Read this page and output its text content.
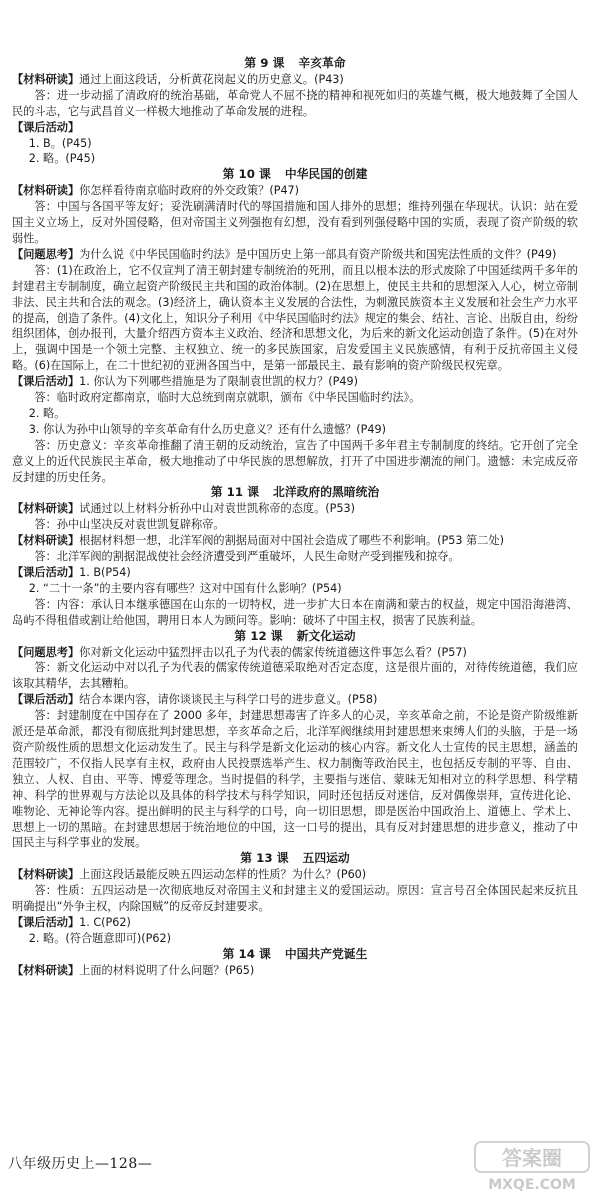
第 9 课 辛亥革命

【材料研读】通过上面这段话，分析黄花岗起义的历史意义。(P43)

答：进一步动摇了清政府的统治基础，革命党人不屈不挠的精神和视死如归的英雄气概，极大地鼓舞了全国人民的斗志，它与武昌首义一样极大地推动了革命发展的进程。

【课后活动】

1. B。(P45)

2. 略。(P45)

第 10 课 中华民国的创建

【材料研读】你怎样看待南京临时政府的外交政策？(P47)

答：中国与各国平等友好；妥洗刷满清时代的辱国措施和国人排外的思想；维持列强在华现状。认识：站在爱国主义立场上，反对外国侵略，但对帝国主义列强抱有幻想，没有看到列强侵略中国的实质，表现了资产阶级的软弱性。

【问题思考】为什么说《中华民国临时约法》是中国历史上第一部具有资产阶级共和国宪法性质的文件？(P49)

答：(1)在政治上，它不仅宣判了清王朝封建专制统治的死刑，而且以根本法的形式废除了中国延续两千多年的封建君主专制制度，确立起资产阶级民主共和国的政治体制。(2)在思想上，使民主共和的思想深入人心，树立帝制非法、民主共和合法的观念。(3)经济上，确认资本主义发展的合法性，为刺激民族资本主义发展和社会生产力水平的提高，创造了条件。(4)文化上，知识分子利用《中华民国临时约法》规定的集会、结社、言论、出版自由，纷纷组织团体，创办报刊，大量介绍西方资本主义政治、经济和思想文化，为后来的新文化运动创造了条件。(5)在对外上，强调中国是一个领土完整、主权独立、统一的多民族国家，启发爱国主义民族感情，有利于反抗帝国主义侵略。(6)在国际上，在二十世纪初的亚洲各国当中，是第一部最民主、最有影响的资产阶级民权宪章。

【课后活动】1. 你认为下列哪些措施是为了限制袁世凯的权力？(P49)

答：临时政府定都南京，临时大总统到南京就职，颁布《中华民国临时约法》。

2. 略。

3. 你认为孙中山领导的辛亥革命有什么历史意义？还有什么遗憾？(P49)

答：历史意义：辛亥革命推翻了清王朝的反动统治，宣告了中国两千多年君主专制制度的终结。它开创了完全意义上的近代民族民主革命，极大地推动了中华民族的思想解放，打开了中国进步潮流的闸门。遗憾：未完成反帝反封建的历史任务。

第 11 课 北洋政府的黑暗统治

【材料研读】试通过以上材料分析孙中山对袁世凯称帝的态度。(P53)

答：孙中山坚决反对袁世凯复辟称帝。

【材料研读】根据材料想一想，北洋军阀的割据局面对中国社会造成了哪些不利影响。(P53 第二处)

答：北洋军阀的割据混战使社会经济遭受到严重破坏，人民生命财产受到摧残和掠夺。

【课后活动】1. B(P54)

2. “二十一条”的主要内容有哪些？这对中国有什么影响？(P54)

答：内容：承认日本继承德国在山东的一切特权，进一步扩大日本在南满和蒙古的权益，规定中国沿海港湾、岛屿不得租借或割让给他国，聘用日本人为顾问等。影响：破坏了中国主权，损害了民族利益。

第 12 课 新文化运动

【问题思考】你对新文化运动中猛烈抨击以孔子为代表的儒家传统道德这件事怎么看？(P57)

答：新文化运动中对以孔子为代表的儒家传统道德采取绝对否定态度，这是很片面的，对待传统道德，我们应该取其精华，去其糟粕。

【课后活动】结合本课内容，请你谈谈民主与科学口号的进步意义。(P58)

答：封建制度在中国存在了 2000 多年，封建思想毒害了许多人的心灵，辛亥革命之前，不论是资产阶级维新派还是革命派，都没有彻底批判封建思想，辛亥革命之后，北洋军阀继续用封建思想来束缚人们的头脑，于是一场资产阶级性质的思想文化运动发生了。民主与科学是新文化运动的核心内容。新文化人士宣传的民主思想，涵盖的范围较广，不仅指人民享有主权，政府由人民投票选举产生、权力制衡等政治民主，也包括反专制的平等、自由、独立、人权、自由、平等、博爱等理念。当时提倡的科学，主要指与迷信、蒙昧无知相对立的科学思想、科学精神、科学的世界观与方法论以及具体的科学技术与科学知识，同时还包括反对迷信，反对偶像崇拜，宣传进化论、唯物论、无神论等内容。提出鲜明的民主与科学的口号，向一切旧思想，即是医治中国政治上、道德上、学术上、思想上一切的黑暗。在封建思想居于统治地位的中国，这一口号的提出，具有反对封建思想的进步意义，推动了中国民主与科学事业的发展。

第 13 课 五四运动

【材料研读】上面这段话最能反映五四运动怎样的性质？为什么？(P60)

答：性质：五四运动是一次彻底地反对帝国主义和封建主义的爱国运动。原因：宣言号召全体国民起来反抗且明确提出“外争主权，内除国贼”的反帝反封建要求。

【课后活动】1. C(P62)

2. 略。(符合题意即可)(P62)

第 14 课 中国共产党诞生

【材料研读】上面的材料说明了什么问题？(P65)

八年级历史上—128—	答案圈
MXQE.COM
